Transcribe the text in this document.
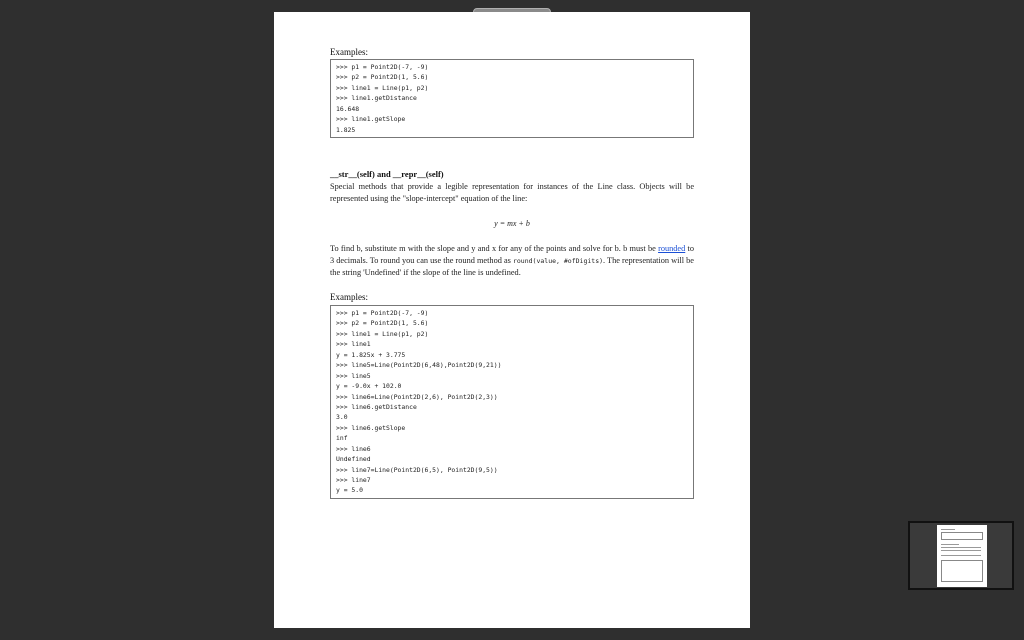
Examples:
>>> p1 = Point2D(-7, -9)
>>> p2 = Point2D(1, 5.6)
>>> line1 = Line(p1, p2)
>>> line1.getDistance
16.648
>>> line1.getSlope
1.825
__str__(self) and __repr__(self)
Special methods that provide a legible representation for instances of the Line class. Objects will be represented using the "slope-intercept" equation of the line:
y = mx + b
To find b, substitute m with the slope and y and x for any of the points and solve for b. b must be rounded to 3 decimals. To round you can use the round method as round(value, #ofDigits). The representation will be the string 'Undefined' if the slope of the line is undefined.
Examples:
>>> p1 = Point2D(-7, -9)
>>> p2 = Point2D(1, 5.6)
>>> line1 = Line(p1, p2)
>>> line1
y = 1.825x + 3.775
>>> line5=Line(Point2D(6,48),Point2D(9,21))
>>> line5
y = -9.0x + 102.0
>>> line6=Line(Point2D(2,6), Point2D(2,3))
>>> line6.getDistance
3.0
>>> line6.getSlope
inf
>>> line6
Undefined
>>> line7=Line(Point2D(6,5), Point2D(9,5))
>>> line7
y = 5.0
